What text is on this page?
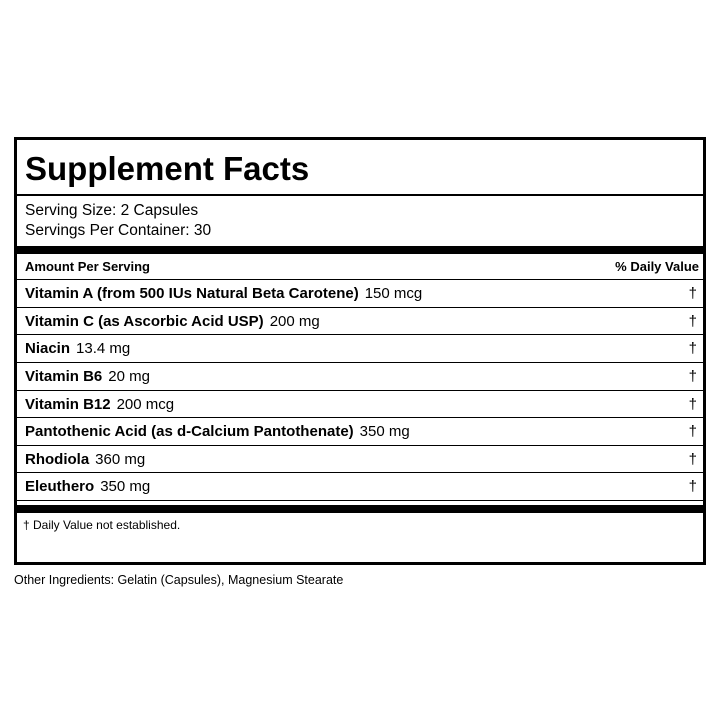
Supplement Facts
Serving Size: 2 Capsules
Servings Per Container: 30
Amount Per Serving	% Daily Value
Vitamin A (from 500 IUs Natural Beta Carotene) 150 mcg	†
Vitamin C (as Ascorbic Acid USP) 200 mg	†
Niacin 13.4 mg	†
Vitamin B6 20 mg	†
Vitamin B12 200 mcg	†
Pantothenic Acid (as d-Calcium Pantothenate) 350 mg	†
Rhodiola 360 mg	†
Eleuthero 350 mg	†
† Daily Value not established.
Other Ingredients: Gelatin (Capsules), Magnesium Stearate
